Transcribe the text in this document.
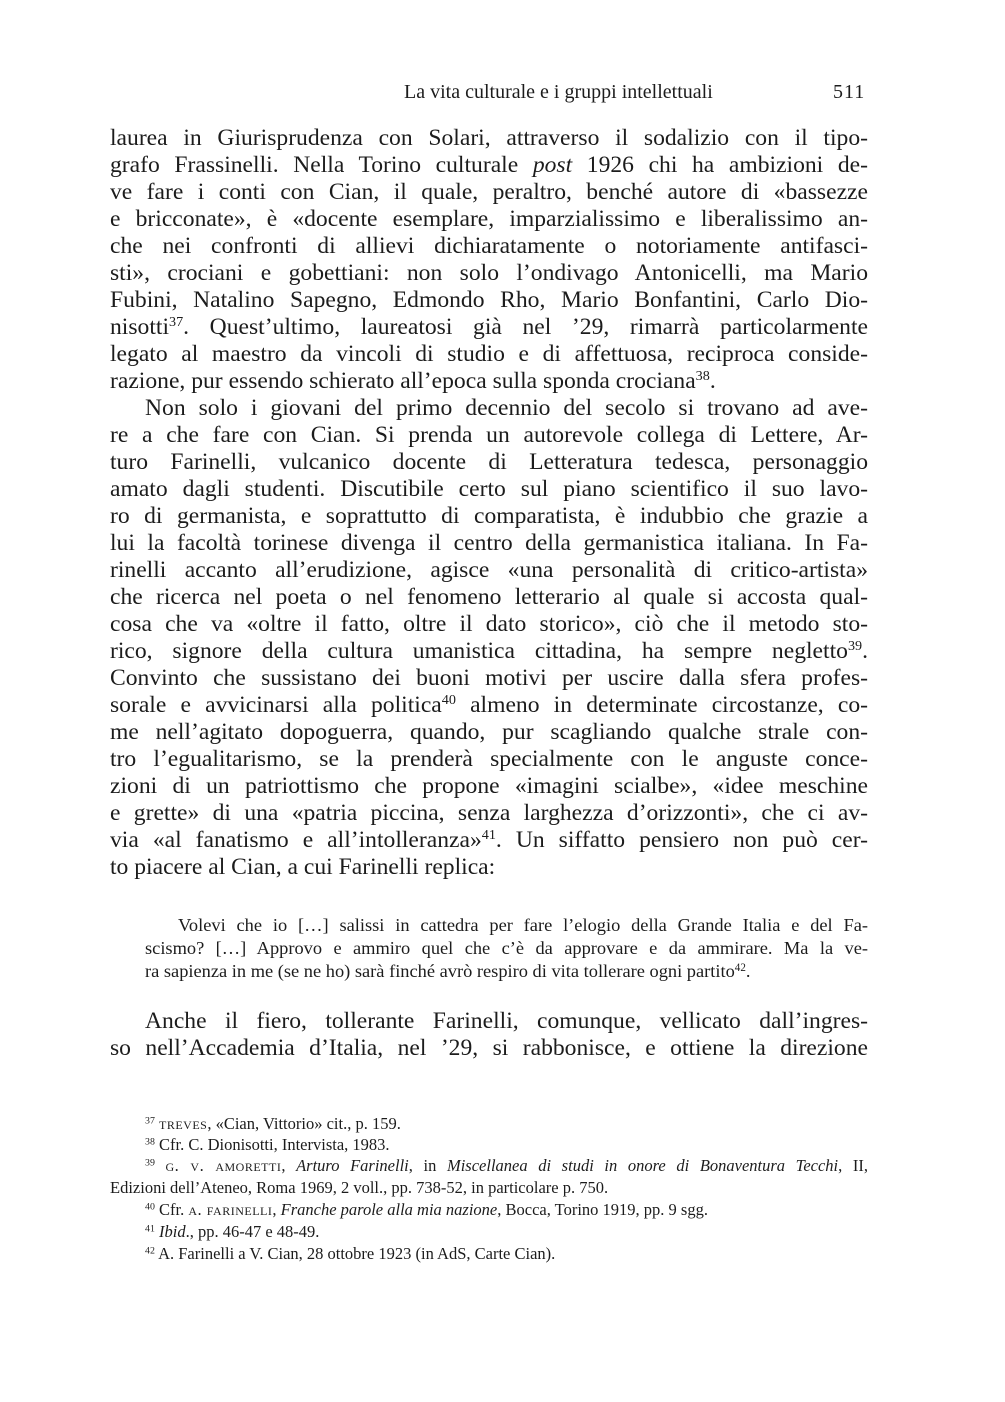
La vita culturale e i gruppi intellettuali	511
laurea in Giurisprudenza con Solari, attraverso il sodalizio con il tipo-
grafo Frassinelli. Nella Torino culturale post 1926 chi ha ambizioni de-
ve fare i conti con Cian, il quale, peraltro, benché autore di «bassezze
e bricconate», è «docente esemplare, imparzialissimo e liberalissimo an-
che nei confronti di allievi dichiaratamente o notoriamente antifasci-
sti», crociani e gobettiani: non solo l’ondivago Antonicelli, ma Mario
Fubini, Natalino Sapegno, Edmondo Rho, Mario Bonfantini, Carlo Dio-
nisotti$^{37}$. Quest’ultimo, laureatosi già nel ’29, rimarrà particolarmente
legato al maestro da vincoli di studio e di affettuosa, reciproca conside-
razione, pur essendo schierato all’epoca sulla sponda crociana$^{38}$.
Non solo i giovani del primo decennio del secolo si trovano ad ave-
re a che fare con Cian. Si prenda un autorevole collega di Lettere, Ar-
turo Farinelli, vulcanico docente di Letteratura tedesca, personaggio
amato dagli studenti. Discutibile certo sul piano scientifico il suo lavo-
ro di germanista, e soprattutto di comparatista, è indubbio che grazie a
lui la facoltà torinese divenga il centro della germanistica italiana. In Fa-
rinelli accanto all’erudizione, agisce «una personalità di critico-artista»
che ricerca nel poeta o nel fenomeno letterario al quale si accosta qual-
cosa che va «oltre il fatto, oltre il dato storico», ciò che il metodo sto-
rico, signore della cultura umanistica cittadina, ha sempre negletto$^{39}$.
Convinto che sussistano dei buoni motivi per uscire dalla sfera profes-
sorale e avvicinarsi alla politica$^{40}$ almeno in determinate circostanze, co-
me nell’agitato dopoguerra, quando, pur scagliando qualche strale con-
tro l’egualitarismo, se la prenderà specialmente con le anguste conce-
zioni di un patriottismo che propone «imagini scialbe», «idee meschine
e grette» di una «patria piccina, senza larghezza d’orizzonti», che ci av-
via «al fanatismo e all’intolleranza»$^{41}$. Un siffatto pensiero non può cer-
to piacere al Cian, a cui Farinelli replica:
Volevi che io […] salissi in cattedra per fare l’elogio della Grande Italia e del Fa-
scismo? […] Approvo e ammiro quel che c’è da approvare e da ammirare. Ma la ve-
ra sapienza in me (se ne ho) sarà finché avrò respiro di vita tollerare ogni partito$^{42}$.
Anche il fiero, tollerante Farinelli, comunque, vellicato dall’ingres-
so nell’Accademia d’Italia, nel ’29, si rabbonisce, e ottiene la direzione
$^{37}$ treves, «Cian, Vittorio» cit., p. 159.
$^{38}$ Cfr. C. Dionisotti, Intervista, 1983.
$^{39}$ g. v. amoretti, Arturo Farinelli, in Miscellanea di studi in onore di Bonaventura Tecchi, II,
Edizioni dell’Ateneo, Roma 1969, 2 voll., pp. 738-52, in particolare p. 750.
$^{40}$ Cfr. a. farinelli, Franche parole alla mia nazione, Bocca, Torino 1919, pp. 9 sgg.
$^{41}$ Ibid., pp. 46-47 e 48-49.
$^{42}$ A. Farinelli a V. Cian, 28 ottobre 1923 (in AdS, Carte Cian).
